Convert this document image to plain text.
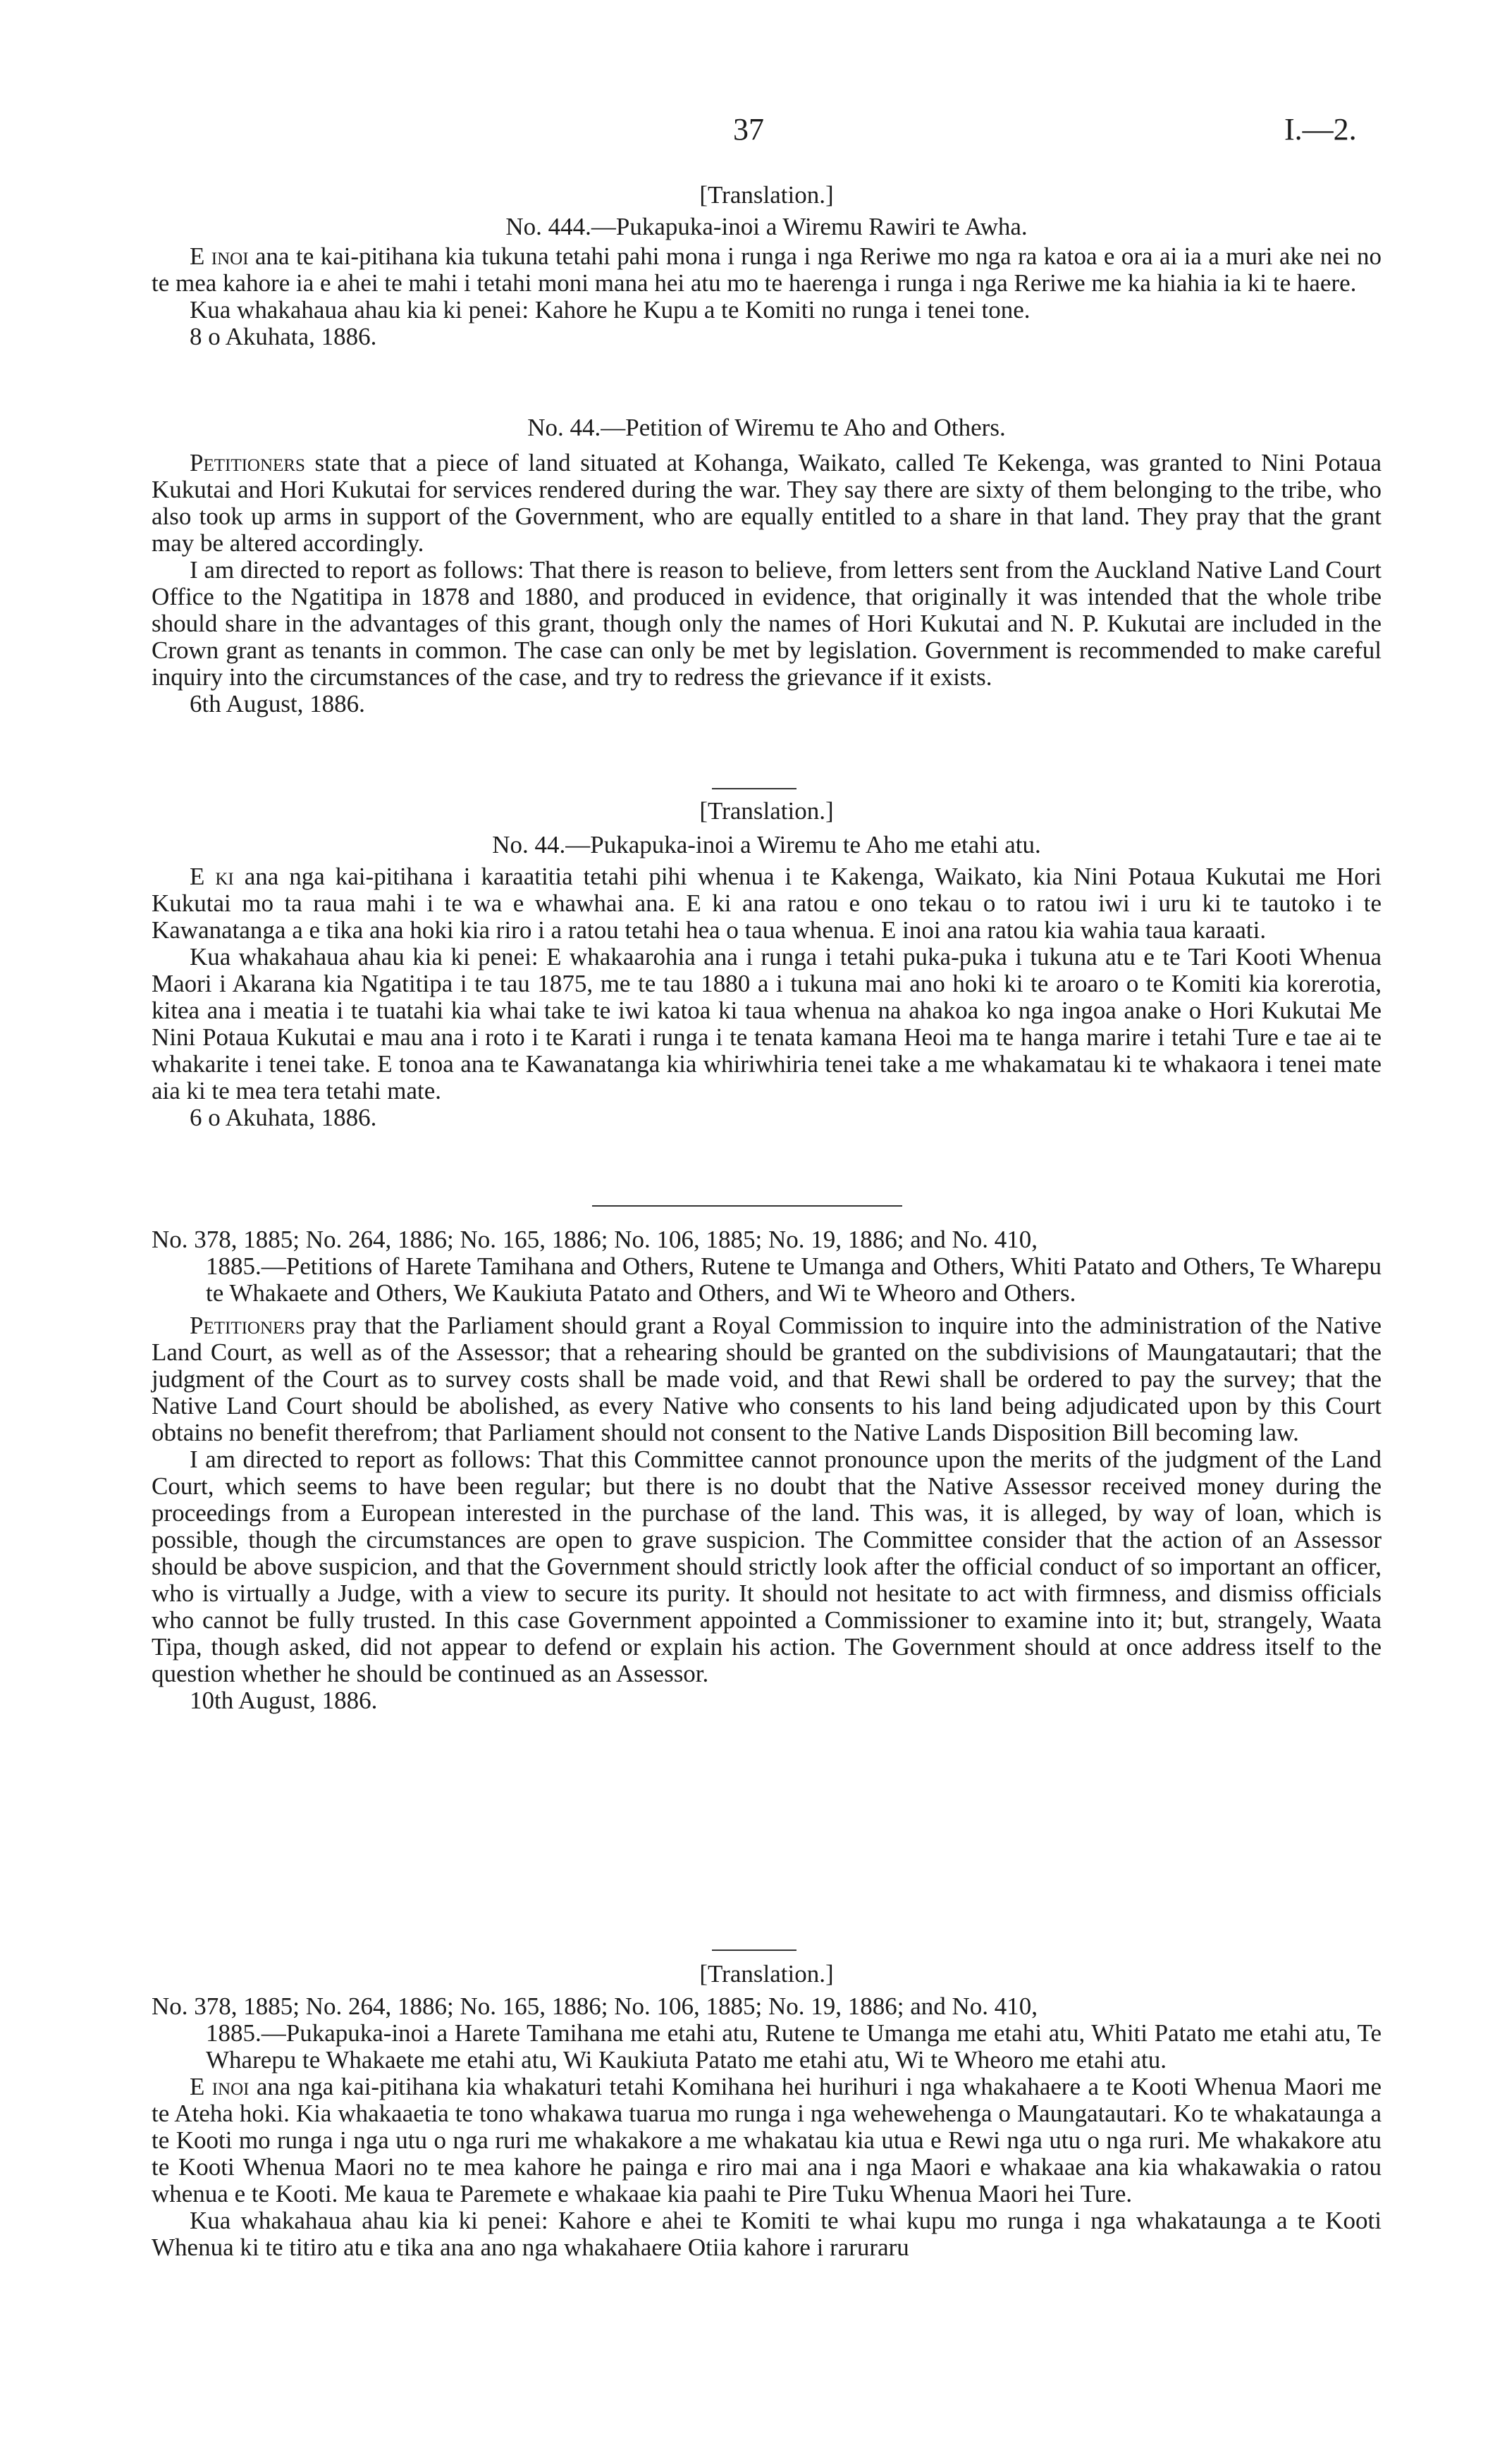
37	I.—2.
[Translation.]
No. 444.—Pukapuka-inoi a Wiremu Rawiri te Awha.

E inoi ana te kai-pitihana kia tukuna tetahi pahi mona i runga i nga Reriwe mo nga ra katoa e ora ai ia a muri ake nei no te mea kahore ia e ahei te mahi i tetahi moni mana hei atu mo te haerenga i runga i nga Reriwe me ka hiahia ia ki te haere.

Kua whakahaua ahau kia ki penei: Kahore he Kupu a te Komiti no runga i tenei tone.

8 o Akuhata, 1886.
No. 44.—Petition of Wiremu te Aho and Others.

Petitioners state that a piece of land situated at Kohanga, Waikato, called Te Kekenga, was granted to Nini Potaua Kukutai and Hori Kukutai for services rendered during the war. They say there are sixty of them belonging to the tribe, who also took up arms in support of the Government, who are equally entitled to a share in that land. They pray that the grant may be altered accordingly.

I am directed to report as follows: That there is reason to believe, from letters sent from the Auckland Native Land Court Office to the Ngatitipa in 1878 and 1880, and produced in evidence, that originally it was intended that the whole tribe should share in the advantages of this grant, though only the names of Hori Kukutai and N. P. Kukutai are included in the Crown grant as tenants in common. The case can only be met by legislation. Government is recommended to make careful inquiry into the circumstances of the case, and try to redress the grievance if it exists.

6th August, 1886.
[Translation.]
No. 44.—Pukapuka-inoi a Wiremu te Aho me etahi atu.

E ki ana nga kai-pitihana i karaatitia tetahi pihi whenua i te Kakenga, Waikato, kia Nini Potaua Kukutai me Hori Kukutai mo ta raua mahi i te wa e whawhai ana. E ki ana ratou e ono tekau o to ratou iwi i uru ki te tautoko i te Kawanatanga a e tika ana hoki kia riro i a ratou tetahi hea o taua whenua. E inoi ana ratou kia wahia taua karaati.

Kua whakahaua ahau kia ki penei: E whakaarohia ana i runga i tetahi puka-puka i tukuna atu e te Tari Kooti Whenua Maori i Akarana kia Ngatitipa i te tau 1875, me te tau 1880 a i tukuna mai ano hoki ki te aroaro o te Komiti kia korerotia, kitea ana i meatia i te tuatahi kia whai take te iwi katoa ki taua whenua na ahakoa ko nga ingoa anake o Hori Kukutai Me Nini Potaua Kukutai e mau ana i roto i te Karati i runga i te tenata kamana Heoi ma te hanga marire i tetahi Ture e tae ai te whakarite i tenei take. E tonoa ana te Kawanatanga kia whiriwhiria tenei take a me whakamatau ki te whakaora i tenei mate aia ki te mea tera tetahi mate.

6 o Akuhata, 1886.

No. 378, 1885; No. 264, 1886; No. 165, 1886; No. 106, 1885; No. 19, 1886; and No. 410,

1885.—Petitions of Harete Tamihana and Others, Rutene te Umanga and Others, Whiti Patato and Others, Te Wharepu te Whakaete and Others, We Kaukiuta Patato and Others, and Wi te Wheoro and Others.

Petitioners pray that the Parliament should grant a Royal Commission to inquire into the administration of the Native Land Court, as well as of the Assessor; that a rehearing should be granted on the subdivisions of Maungatautari; that the judgment of the Court as to survey costs shall be made void, and that Rewi shall be ordered to pay the survey; that the Native Land Court should be abolished, as every Native who consents to his land being adjudicated upon by this Court obtains no benefit therefrom; that Parliament should not consent to the Native Lands Disposition Bill becoming law.

I am directed to report as follows: That this Committee cannot pronounce upon the merits of the judgment of the Land Court, which seems to have been regular; but there is no doubt that the Native Assessor received money during the proceedings from a European interested in the purchase of the land. This was, it is alleged, by way of loan, which is possible, though the circumstances are open to grave suspicion. The Committee consider that the action of an Assessor should be above suspicion, and that the Government should strictly look after the official conduct of so important an officer, who is virtually a Judge, with a view to secure its purity. It should not hesitate to act with firmness, and dismiss officials who cannot be fully trusted. In this case Government appointed a Commissioner to examine into it; but, strangely, Waata Tipa, though asked, did not appear to defend or explain his action. The Government should at once address itself to the question whether he should be continued as an Assessor.

10th August, 1886.
[Translation.]

No. 378, 1885; No. 264, 1886; No. 165, 1886; No. 106, 1885; No. 19, 1886; and No. 410,

1885.—Pukapuka-inoi a Harete Tamihana me etahi atu, Rutene te Umanga me etahi atu, Whiti Patato me etahi atu, Te Wharepu te Whakaete me etahi atu, Wi Kaukiuta Patato me etahi atu, Wi te Wheoro me etahi atu.

E inoi ana nga kai-pitihana kia whakaturi tetahi Komihana hei hurihuri i nga whakahaere a te Kooti Whenua Maori me te Ateha hoki. Kia whakaaetia te tono whakawa tuarua mo runga i nga wehewehenga o Maungatautari. Ko te whakataunga a te Kooti mo runga i nga utu o nga ruri me whakakore a me whakatau kia utua e Rewi nga utu o nga ruri. Me whakakore atu te Kooti Whenua Maori no te mea kahore he painga e riro mai ana i nga Maori e whakaae ana kia whakawakia o ratou whenua e te Kooti. Me kaua te Paremete e whakaae kia paahi te Pire Tuku Whenua Maori hei Ture.

Kua whakahaua ahau kia ki penei: Kahore e ahei te Komiti te whai kupu mo runga i nga whakataunga a te Kooti Whenua ki te titiro atu e tika ana ano nga whakahaere Otiia kahore i raruraru
